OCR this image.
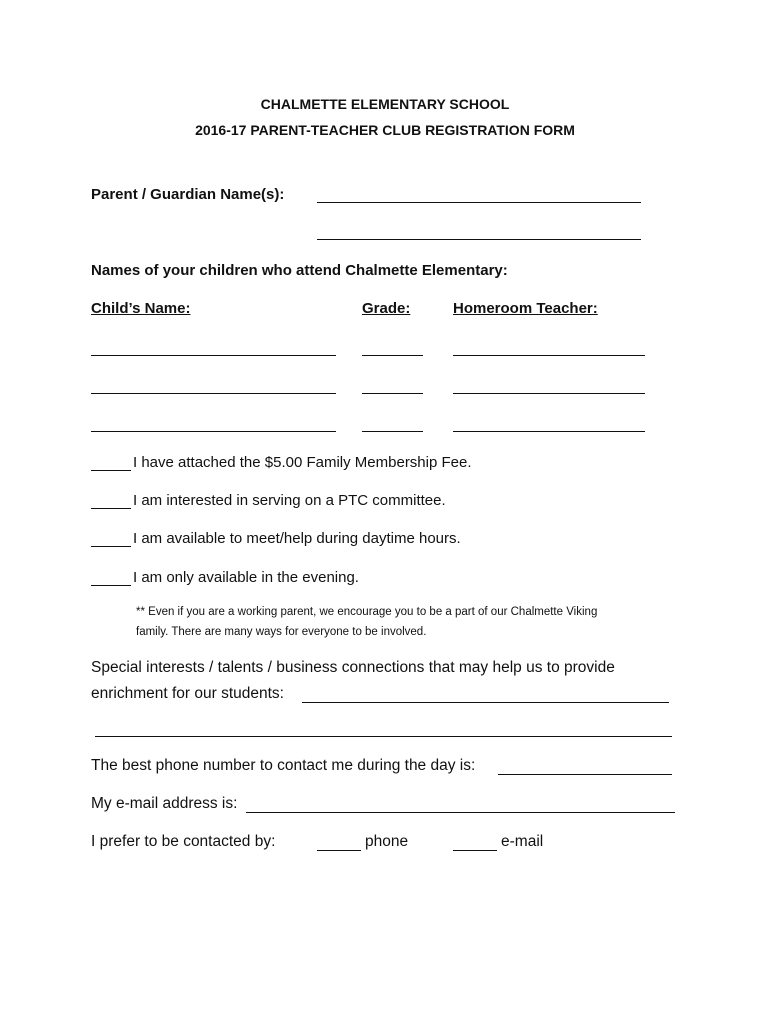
CHALMETTE ELEMENTARY SCHOOL
2016-17 PARENT-TEACHER CLUB REGISTRATION FORM
Parent / Guardian Name(s):
Names of your children who attend Chalmette Elementary:
Child’s Name:	Grade:	Homeroom Teacher:
I have attached the $5.00 Family Membership Fee.
I am interested in serving on a PTC committee.
I am available to meet/help during daytime hours.
I am only available in the evening.
** Even if you are a working parent, we encourage you to be a part of our Chalmette Viking
family. There are many ways for everyone to be involved.
Special interests / talents / business connections that may help us to provide
enrichment for our students:
The best phone number to contact me during the day is:
My e-mail address is:
I prefer to be contacted by:	phone	e-mail
